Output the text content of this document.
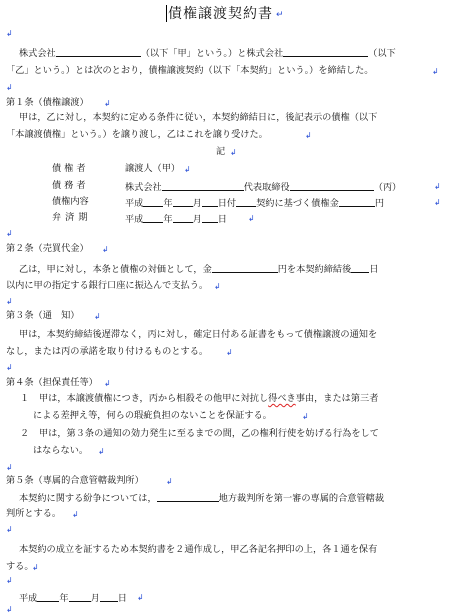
債権譲渡契約書 ↵
↲
株式会社	（以下「甲」という。）と株式会社	（以下
「乙」という。）とは次のとおり，債権譲渡契約（以下「本契約」という。）を締結した。	↲
↲
第１条（債権譲渡） ↲
甲は，乙に対し，本契約に定める条件に従い，本契約締結日に，後記表示の債権（以下
「本譲渡債権」という。）を譲り渡し，乙はこれを譲り受けた。	↲
記 ↲
債権者	譲渡人（甲） ↲
債務者	株式会社	代表取締役	（丙）	↲
債権内容	平成 年 月 日付 契約に基づく債権金	円	↲
弁済期	平成 年 月 日	↲
↲
第２条（売買代金） ↲
乙は，甲に対し，本条と債権の対価として，金	円を本契約締結後 日
以内に甲の指定する銀行口座に振込んで支払う。 ↲
↲
第３条（通　知） ↲
甲は，本契約締結後遅滞なく，丙に対し，確定日付ある証書をもって債権譲渡の通知を
なし，または丙の承諾を取り付けるものとする。 ↲
↲
第４条（担保責任等） ↲
１ 甲は，本譲渡債権につき，丙から相殺その他甲に対抗し得べき事由，または第三者
による差押え等，何らの瑕疵負担のないことを保証する。	↲
２ 甲は，第３条の通知の効力発生に至るまでの間，乙の権利行使を妨げる行為をして
はならない。 ↲
↲
第５条（専属的合意管轄裁判所）	↲
本契約に関する紛争については，	地方裁判所を第一審の専属的合意管轄裁
判所とする。 ↲
↲
本契約の成立を証するため本契約書を２通作成し，甲乙各記名押印の上，各１通を保有
する。
↲
↲
平成 年 月 日 ↲
↲
